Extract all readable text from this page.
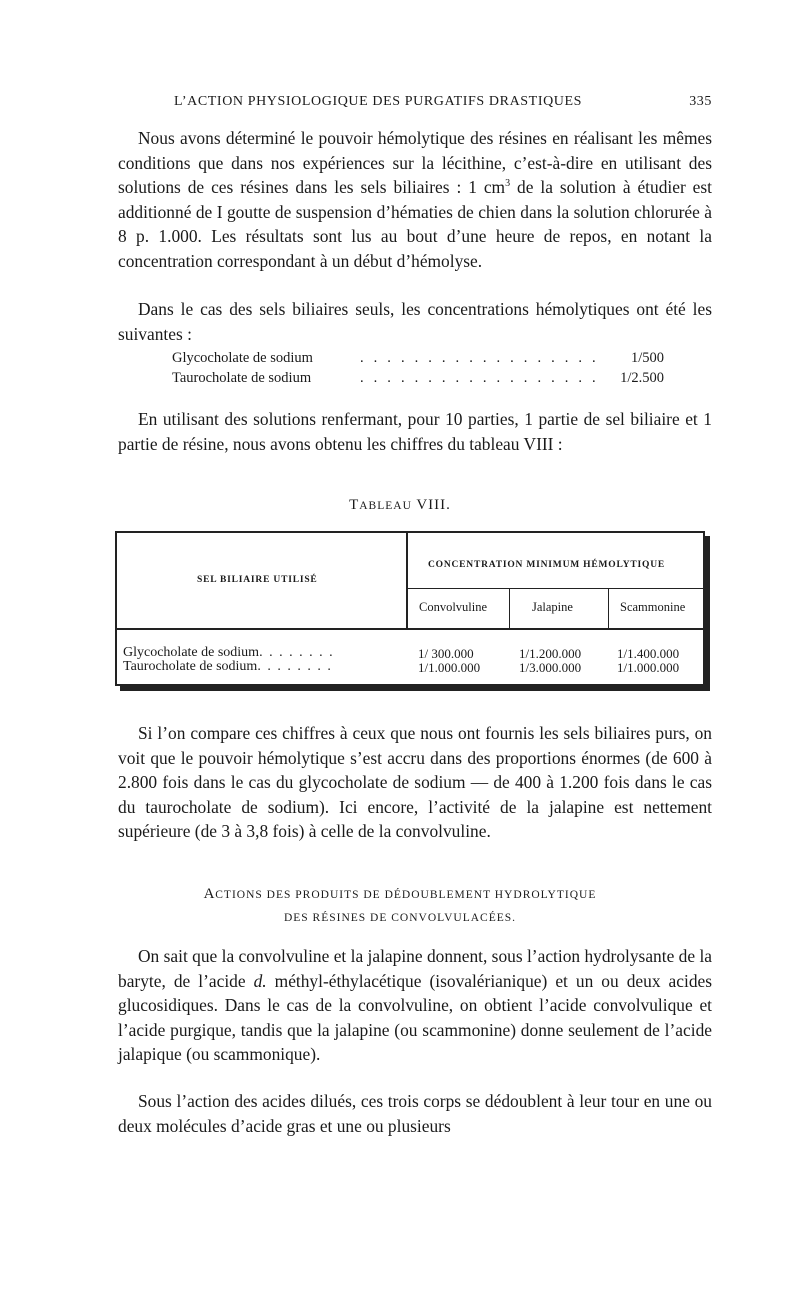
L’ACTION PHYSIOLOGIQUE DES PURGATIFS DRASTIQUES	335

Nous avons déterminé le pouvoir hémolytique des résines en réalisant les mêmes conditions que dans nos expériences sur la lécithine, c’est-à-dire en utilisant des solutions de ces résines dans les sels biliaires : 1 $cm^3$ de la solution à étudier est additionné de I goutte de suspension d’hématies de chien dans la solution chlorurée à 8 p. 1.000. Les résultats sont lus au bout d’une heure de repos, en notant la concentration correspondant à un début d’hémolyse.

Dans le cas des sels biliaires seuls, les concentrations hémolytiques ont été les suivantes :

Glycocholate de sodium	. . . . . . . . . . . . . . . . . . 1/500
Taurocholate de sodium	. . . . . . . . . . . . . . . . . . 1/2.500

En utilisant des solutions renfermant, pour 10 parties, 1 partie de sel biliaire et 1 partie de résine, nous avons obtenu les chiffres du tableau VIII :

TABLEAU VIII.
SEL BILIAIRE UTILISÉ
CONCENTRATION MINIMUM HÉMOLYTIQUE
Convolvuline	Jalapine	Scammonine
Glycocholate de sodium. . . . . . . .	1/ 300.000	1/1.200.000	1/1.400.000
Taurocholate de sodium. . . . . . . .	1/1.000.000	1/3.000.000	1/1.000.000

Si l’on compare ces chiffres à ceux que nous ont fournis les sels biliaires purs, on voit que le pouvoir hémolytique s’est accru dans des proportions énormes (de 600 à 2.800 fois dans le cas du glycocholate de sodium — de 400 à 1.200 fois dans le cas du taurocholate de sodium). Ici encore, l’activité de la jalapine est nettement supérieure (de 3 à 3,8 fois) à celle de la convolvuline.

ACTIONS DES PRODUITS DE DÉDOUBLEMENT HYDROLYTIQUE
DES RÉSINES DE CONVOLVULACÉES.

On sait que la convolvuline et la jalapine donnent, sous l’action hydrolysante de la baryte, de l’acide d. méthyl-éthylacétique (isovalérianique) et un ou deux acides glucosidiques. Dans le cas de la convolvuline, on obtient l’acide convolvulique et l’acide purgique, tandis que la jalapine (ou scammonine) donne seulement de l’acide jalapique (ou scammonique).

Sous l’action des acides dilués, ces trois corps se dédoublent à leur tour en une ou deux molécules d’acide gras et une ou plusieurs
